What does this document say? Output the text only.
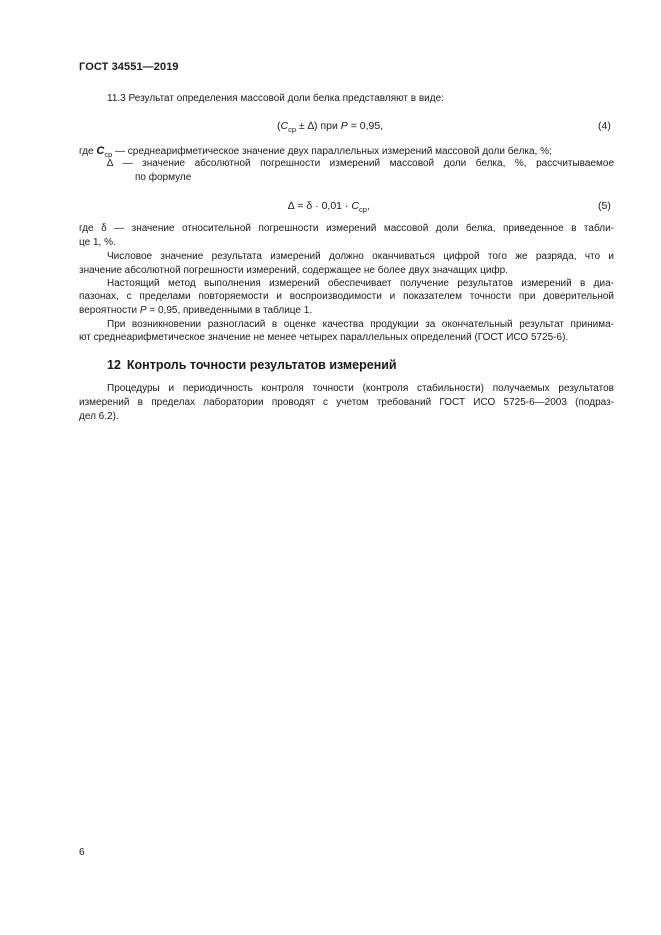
ГОСТ 34551—2019
11.3 Результат определения массовой доли белка представляют в виде:
($C_{ср}$ ± ∆) при P = 0,95,	(4)
где $C_{ср}$ — среднеарифметическое значение двух параллельных измерений массовой доли белка, %;
∆ — значение абсолютной погрешности измерений массовой доли белка, %, рассчитываемое
по формуле
∆ = $\delta \cdot 0,01 \cdot C_{ср}$,	(5)
где δ — значение относительной погрешности измерений массовой доли белка, приведенное в табли-
це 1, %.
Числовое значение результата измерений должно оканчиваться цифрой того же разряда, что и
значение абсолютной погрешности измерений, содержащее не более двух значащих цифр.
Настоящий метод выполнения измерений обеспечивает получение результатов измерений в диа-
пазонах, с пределами повторяемости и воспроизводимости и показателем точности при доверительной
вероятности P = 0,95, приведенными в таблице 1.
При возникновении разногласий в оценке качества продукции за окончательный результат принима-
ют среднеарифметическое значение не менее четырех параллельных определений (ГОСТ ИСО 5725-6).
12 Контроль точности результатов измерений
Процедуры и периодичность контроля точности (контроля стабильности) получаемых результатов
измерений в пределах лаборатории проводят с учетом требований ГОСТ ИСО 5725-6—2003 (подраз-
дел 6.2).
6
